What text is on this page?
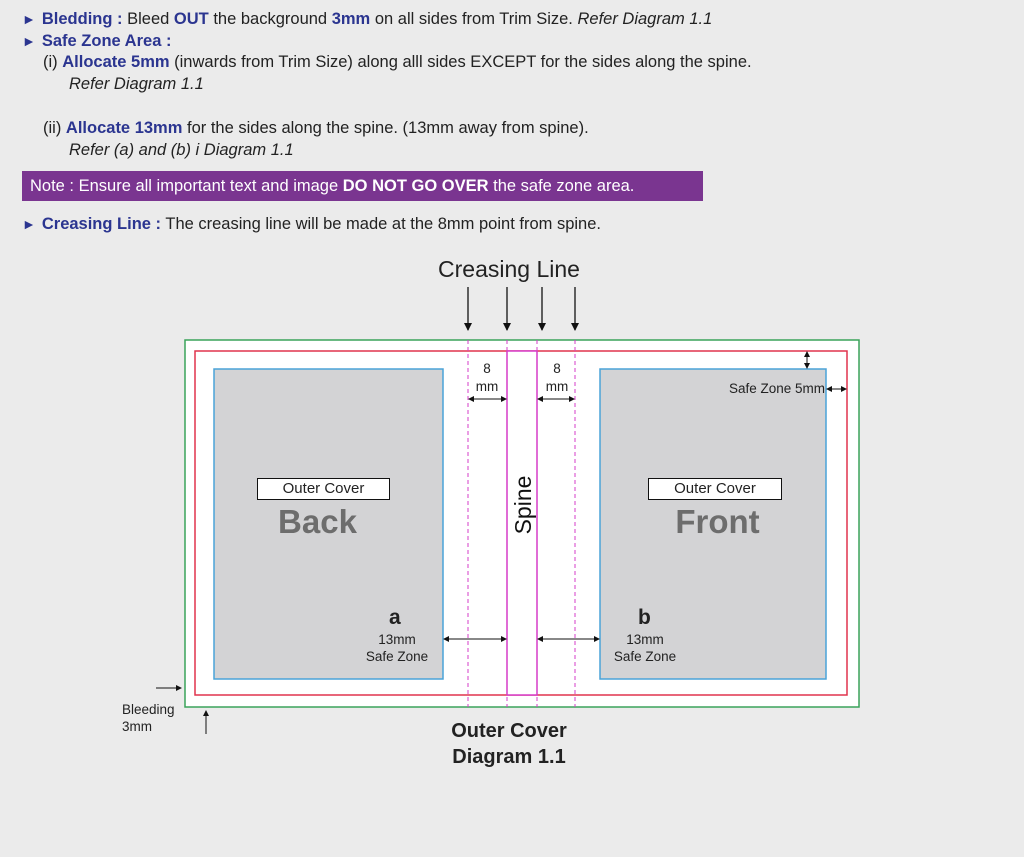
► Bledding : Bleed OUT the background 3mm on all sides from Trim Size. Refer Diagram 1.1
► Safe Zone Area :
(i) Allocate 5mm (inwards from Trim Size) along alll sides EXCEPT for the sides along the spine.
Refer Diagram 1.1
(ii) Allocate 13mm for the sides along the spine. (13mm away from spine).
Refer (a) and (b) i Diagram 1.1
Note : Ensure all important text and image DO NOT GO OVER the safe zone area.
► Creasing Line : The creasing line will be made at the 8mm point from spine.
Spine
Creasing Line
8
mm
8
mm	Safe Zone 5mm
Outer Cover
Back
Outer Cover
Front
a
13mm
Safe Zone
b
13mm
Safe Zone
Bleeding
3mm	Outer Cover
Diagram 1.1
